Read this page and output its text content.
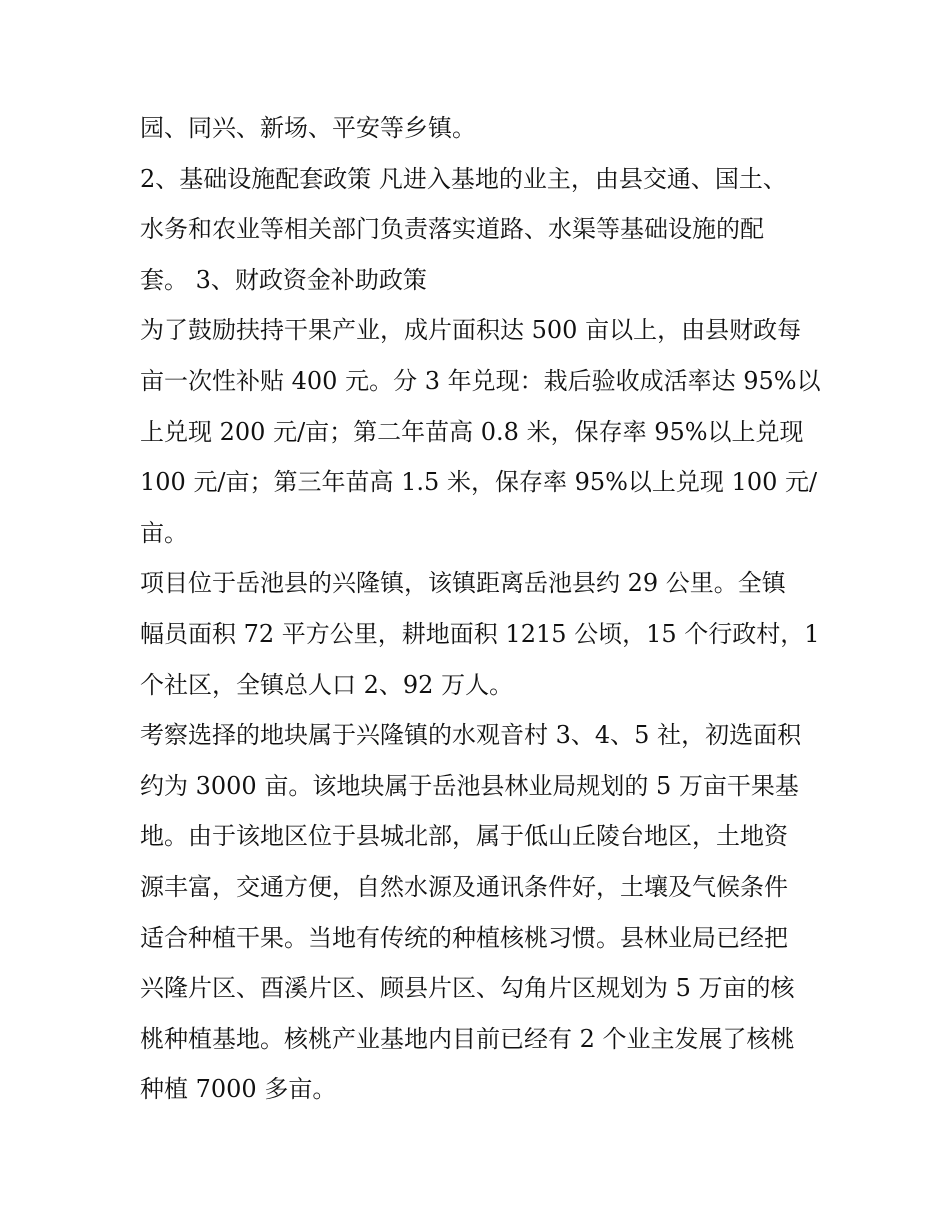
园、同兴、新场、平安等乡镇。
2、基础设施配套政策 凡进入基地的业主，由县交通、国土、
水务和农业等相关部门负责落实道路、水渠等基础设施的配
套。 3、财政资金补助政策
为了鼓励扶持干果产业，成片面积达 500 亩以上，由县财政每
亩一次性补贴 400 元。分 3 年兑现：栽后验收成活率达 95%以
上兑现 200 元/亩；第二年苗高 0.8 米，保存率 95%以上兑现
100 元/亩；第三年苗高 1.5 米，保存率 95%以上兑现 100 元/
亩。
项目位于岳池县的兴隆镇，该镇距离岳池县约 29 公里。全镇
幅员面积 72 平方公里，耕地面积 1215 公顷，15 个行政村，1
个社区，全镇总人口 2、92 万人。
考察选择的地块属于兴隆镇的水观音村 3、4、5 社，初选面积
约为 3000 亩。该地块属于岳池县林业局规划的 5 万亩干果基
地。由于该地区位于县城北部，属于低山丘陵台地区，土地资
源丰富，交通方便，自然水源及通讯条件好，土壤及气候条件
适合种植干果。当地有传统的种植核桃习惯。县林业局已经把
兴隆片区、酉溪片区、顾县片区、勾角片区规划为 5 万亩的核
桃种植基地。核桃产业基地内目前已经有 2 个业主发展了核桃
种植 7000 多亩。
